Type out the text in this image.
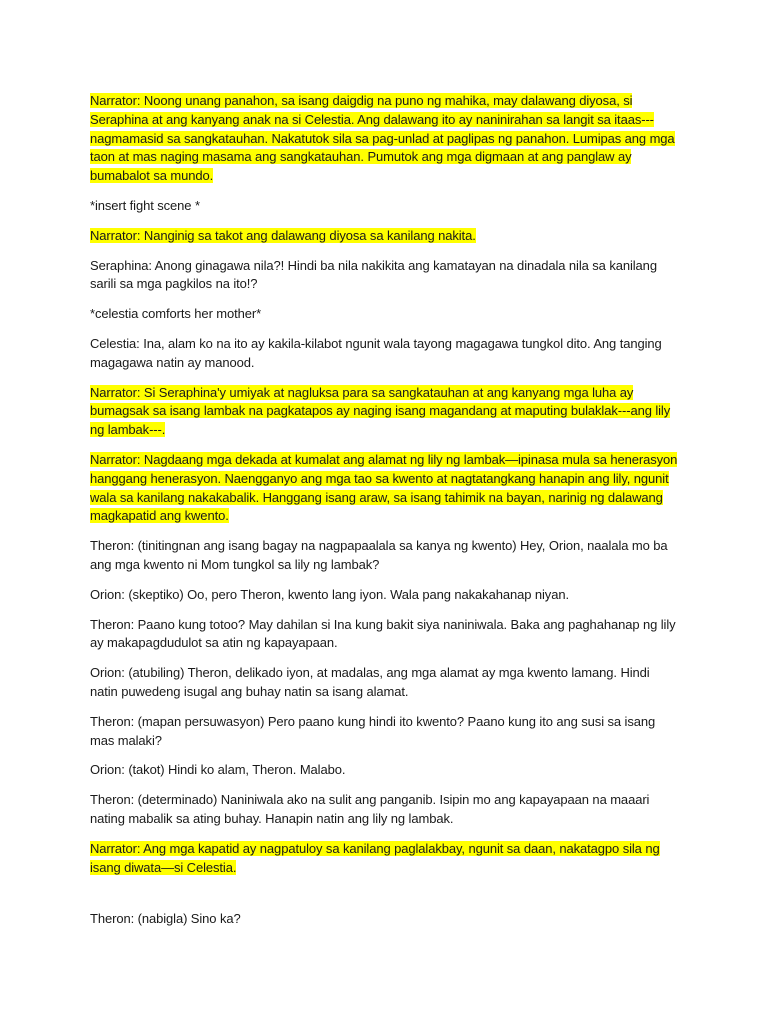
Narrator: Noong unang panahon, sa isang daigdig na puno ng mahika, may dalawang diyosa, si Seraphina at ang kanyang anak na si Celestia. Ang dalawang ito ay naninirahan sa langit sa itaas---nagmamasid sa sangkatauhan. Nakatutok sila sa pag-unlad at paglipas ng panahon. Lumipas ang mga taon at mas naging masama ang sangkatauhan. Pumutok ang mga digmaan at ang panglaw ay bumabalot sa mundo.

*insert fight scene *

Narrator: Nanginig sa takot ang dalawang diyosa sa kanilang nakita.

Seraphina: Anong ginagawa nila?! Hindi ba nila nakikita ang kamatayan na dinadala nila sa kanilang sarili sa mga pagkilos na ito!?

*celestia comforts her mother*

Celestia: Ina, alam ko na ito ay kakila-kilabot ngunit wala tayong magagawa tungkol dito. Ang tanging magagawa natin ay manood.

Narrator: Si Seraphina'y umiyak at nagluksa para sa sangkatauhan at ang kanyang mga luha ay bumagsak sa isang lambak na pagkatapos ay naging isang magandang at maputing bulaklak---ang lily ng lambak---.

Narrator: Nagdaang mga dekada at kumalat ang alamat ng lily ng lambak—ipinasa mula sa henerasyon hanggang henerasyon. Naengganyo ang mga tao sa kwento at nagtatangkang hanapin ang lily, ngunit wala sa kanilang nakakabalik. Hanggang isang araw, sa isang tahimik na bayan, narinig ng dalawang magkapatid ang kwento.

Theron: (tinitingnan ang isang bagay na nagpapaalala sa kanya ng kwento) Hey, Orion, naalala mo ba ang mga kwento ni Mom tungkol sa lily ng lambak?

Orion: (skeptiko) Oo, pero Theron, kwento lang iyon. Wala pang nakakahanap niyan.

Theron: Paano kung totoo? May dahilan si Ina kung bakit siya naniniwala. Baka ang paghahanap ng lily ay makapagdudulot sa atin ng kapayapaan.

Orion: (atubiling) Theron, delikado iyon, at madalas, ang mga alamat ay mga kwento lamang. Hindi natin puwedeng isugal ang buhay natin sa isang alamat.

Theron: (mapan persuwasyon) Pero paano kung hindi ito kwento? Paano kung ito ang susi sa isang mas malaki?

Orion: (takot) Hindi ko alam, Theron. Malabo.

Theron: (determinado) Naniniwala ako na sulit ang panganib. Isipin mo ang kapayapaan na maaari nating mabalik sa ating buhay. Hanapin natin ang lily ng lambak.

Narrator: Ang mga kapatid ay nagpatuloy sa kanilang paglalakbay, ngunit sa daan, nakatagpo sila ng isang diwata—si Celestia.

Theron: (nabigla) Sino ka?
